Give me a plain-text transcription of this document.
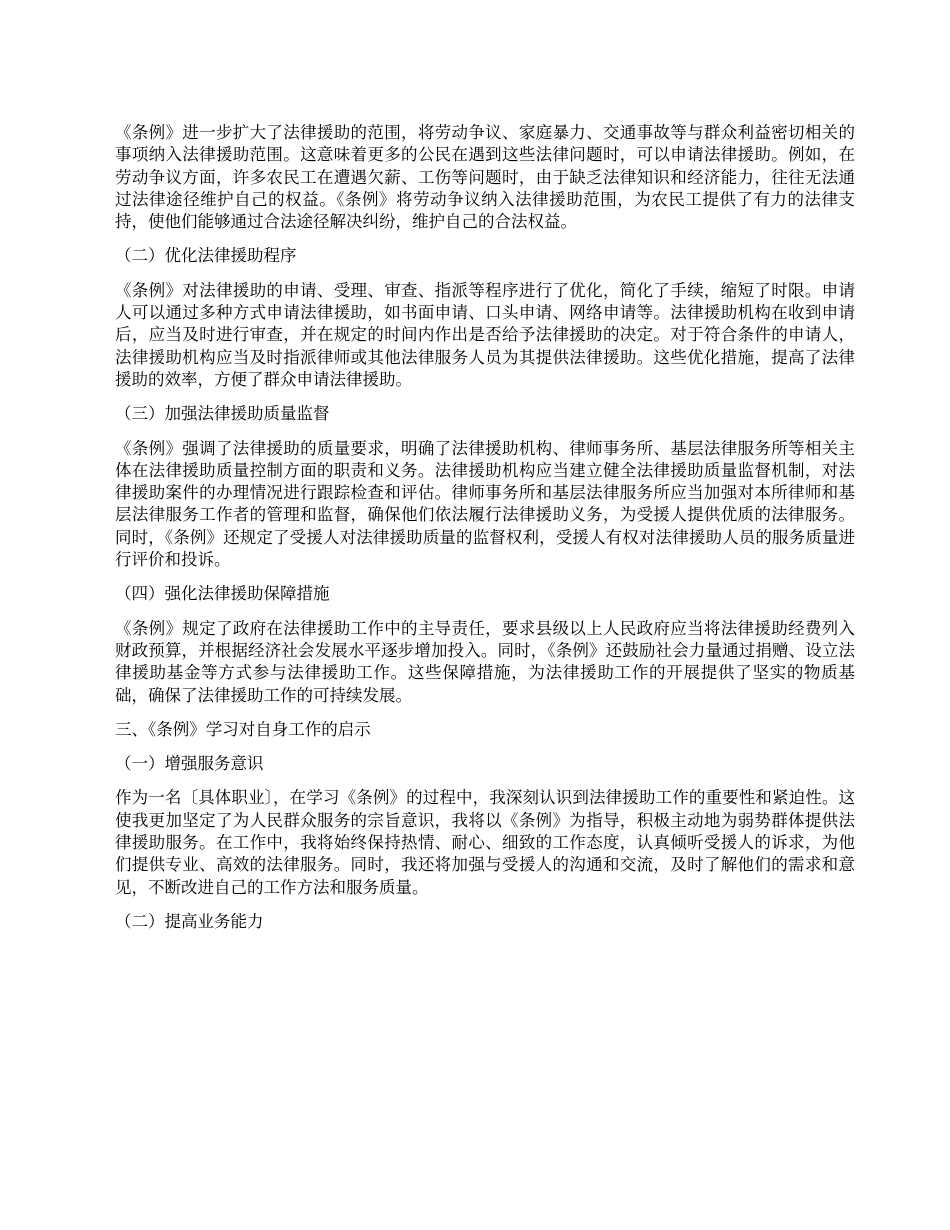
《条例》进一步扩大了法律援助的范围，将劳动争议、家庭暴力、交通事故等与群众利益密切相关的事项纳入法律援助范围。这意味着更多的公民在遇到这些法律问题时，可以申请法律援助。例如，在劳动争议方面，许多农民工在遭遇欠薪、工伤等问题时，由于缺乏法律知识和经济能力，往往无法通过法律途径维护自己的权益。《条例》将劳动争议纳入法律援助范围，为农民工提供了有力的法律支持，使他们能够通过合法途径解决纠纷，维护自己的合法权益。

（二）优化法律援助程序

《条例》对法律援助的申请、受理、审查、指派等程序进行了优化，简化了手续，缩短了时限。申请人可以通过多种方式申请法律援助，如书面申请、口头申请、网络申请等。法律援助机构在收到申请后，应当及时进行审查，并在规定的时间内作出是否给予法律援助的决定。对于符合条件的申请人，法律援助机构应当及时指派律师或其他法律服务人员为其提供法律援助。这些优化措施，提高了法律援助的效率，方便了群众申请法律援助。

（三）加强法律援助质量监督

《条例》强调了法律援助的质量要求，明确了法律援助机构、律师事务所、基层法律服务所等相关主体在法律援助质量控制方面的职责和义务。法律援助机构应当建立健全法律援助质量监督机制，对法律援助案件的办理情况进行跟踪检查和评估。律师事务所和基层法律服务所应当加强对本所律师和基层法律服务工作者的管理和监督，确保他们依法履行法律援助义务，为受援人提供优质的法律服务。同时，《条例》还规定了受援人对法律援助质量的监督权利，受援人有权对法律援助人员的服务质量进行评价和投诉。

（四）强化法律援助保障措施

《条例》规定了政府在法律援助工作中的主导责任，要求县级以上人民政府应当将法律援助经费列入财政预算，并根据经济社会发展水平逐步增加投入。同时，《条例》还鼓励社会力量通过捐赠、设立法律援助基金等方式参与法律援助工作。这些保障措施，为法律援助工作的开展提供了坚实的物质基础，确保了法律援助工作的可持续发展。

三、《条例》学习对自身工作的启示

（一）增强服务意识

作为一名〔具体职业〕，在学习《条例》的过程中，我深刻认识到法律援助工作的重要性和紧迫性。这使我更加坚定了为人民群众服务的宗旨意识，我将以《条例》为指导，积极主动地为弱势群体提供法律援助服务。在工作中，我将始终保持热情、耐心、细致的工作态度，认真倾听受援人的诉求，为他们提供专业、高效的法律服务。同时，我还将加强与受援人的沟通和交流，及时了解他们的需求和意见，不断改进自己的工作方法和服务质量。

（二）提高业务能力
